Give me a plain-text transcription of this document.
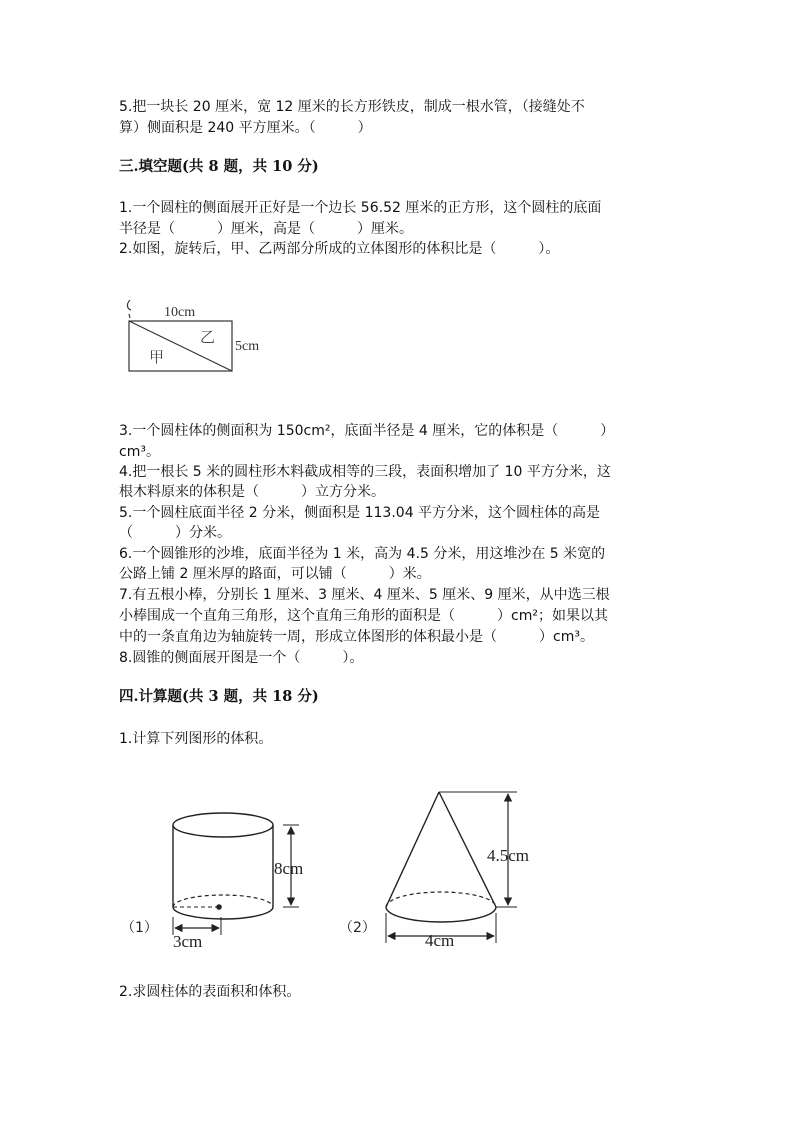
5.把一块长 20 厘米，宽 12 厘米的长方形铁皮，制成一根水管，（接缝处不
算）侧面积是 240 平方厘米。（　　　）
三.填空题(共 8 题，共 10 分)
1.一个圆柱的侧面展开正好是一个边长 56.52 厘米的正方形，这个圆柱的底面
半径是（　　　）厘米，高是（　　　）厘米。
2.如图，旋转后，甲、乙两部分所成的立体图形的体积比是（　　　）。
10cm
5cm
甲
乙
3.一个圆柱体的侧面积为 150cm²，底面半径是 4 厘米，它的体积是（　　　）
cm³。
4.把一根长 5 米的圆柱形木料截成相等的三段，表面积增加了 10 平方分米，这
根木料原来的体积是（　　　）立方分米。
5.一个圆柱底面半径 2 分米，侧面积是 113.04 平方分米，这个圆柱体的高是
（　　　）分米。
6.一个圆锥形的沙堆，底面半径为 1 米，高为 4.5 分米，用这堆沙在 5 米宽的
公路上铺 2 厘米厚的路面，可以铺（　　　）米。
7.有五根小棒，分别长 1 厘米、3 厘米、4 厘米、5 厘米、9 厘米，从中选三根
小棒围成一个直角三角形，这个直角三角形的面积是（　　　）cm²；如果以其
中的一条直角边为轴旋转一周，形成立体图形的体积最小是（　　　）cm³。
8.圆锥的侧面展开图是一个（　　　）。
四.计算题(共 3 题，共 18 分)
1.计算下列图形的体积。
8cm
3cm
（1）
4.5cm
4cm
（2）
2.求圆柱体的表面积和体积。
